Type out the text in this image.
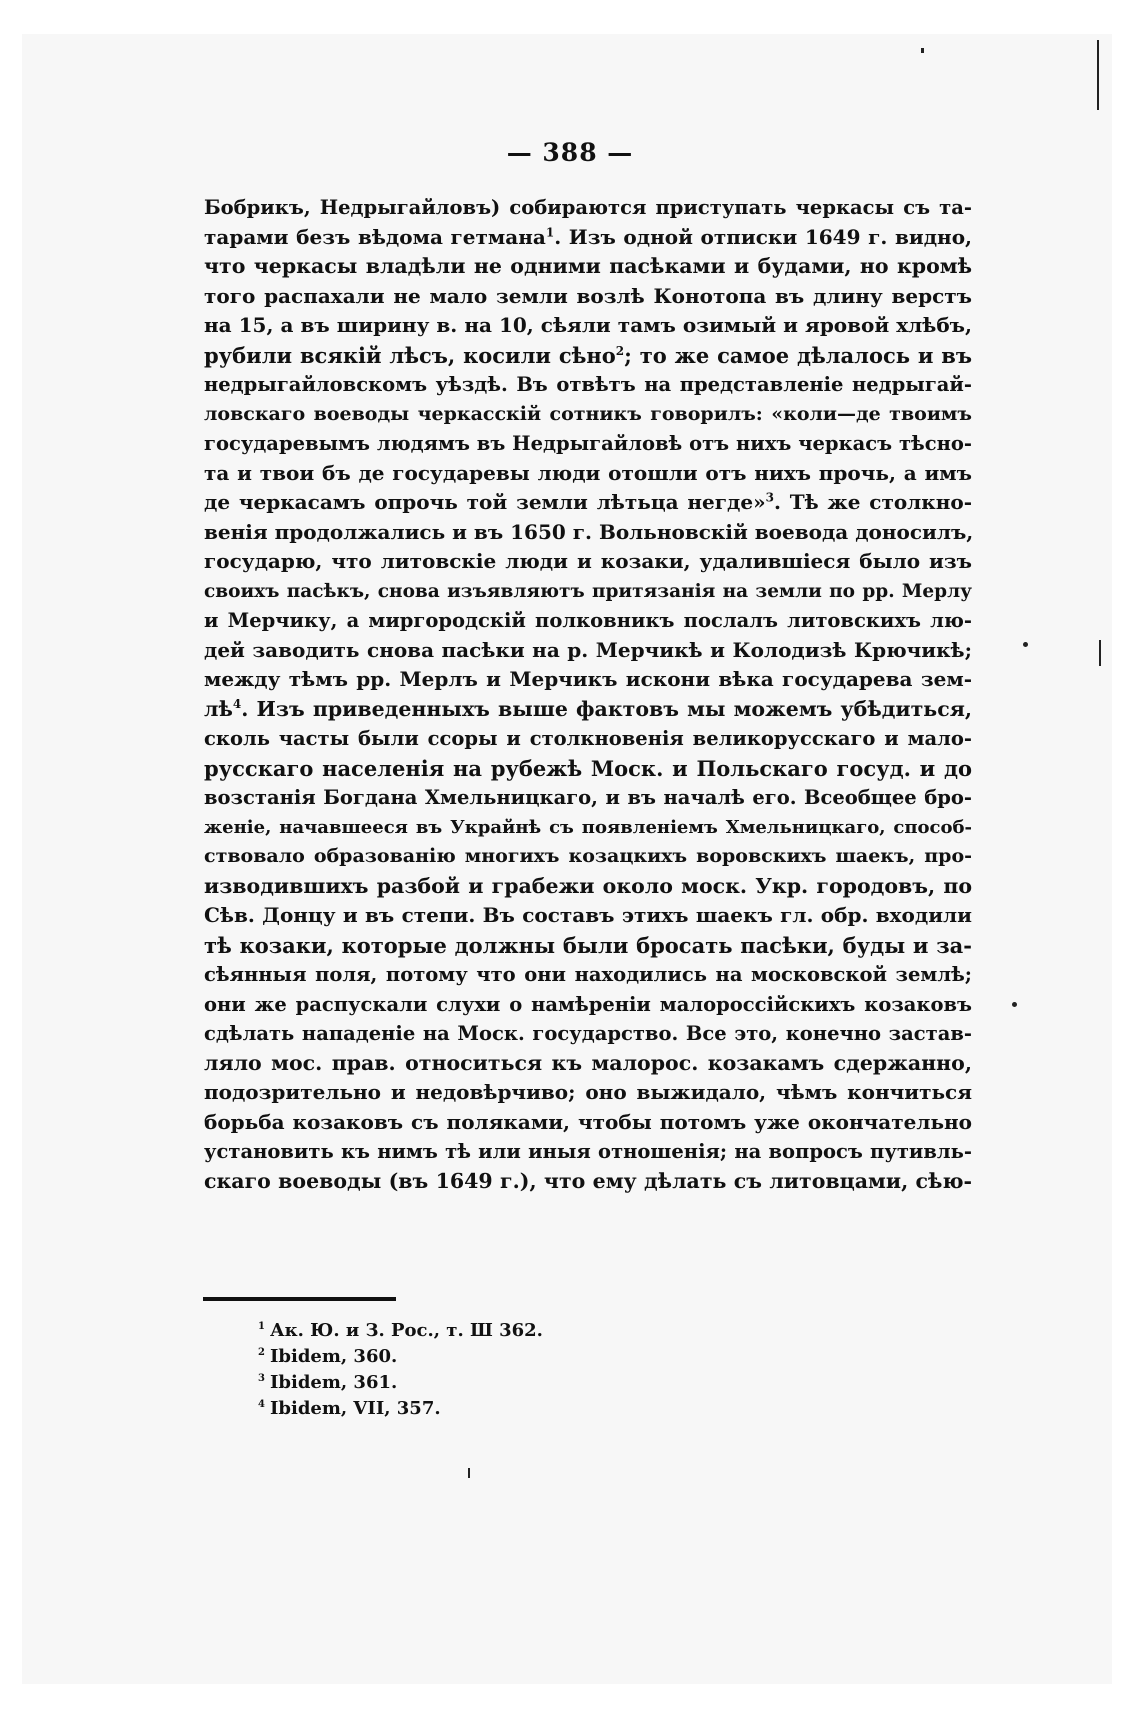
— 388 —
Бобрикъ, Недрыгайловъ) собираются приступать черкасы съ та-
тарами безъ вѣдома гетмана$^1$. Изъ одной отписки 1649 г. видно,
что черкасы владѣли не одними пасѣками и будами, но кромѣ
того распахали не мало земли возлѣ Конотопа въ длину верстъ
на 15, а въ ширину в. на 10, сѣяли тамъ озимый и яровой хлѣбъ,
рубили всякій лѣсъ, косили сѣно$^2$; то же самое дѣлалось и въ
недрыгайловскомъ уѣздѣ. Въ отвѣтъ на представленіе недрыгай-
ловскаго воеводы черкасскій сотникъ говорилъ: «коли—де твоимъ
государевымъ людямъ въ Недрыгайловѣ отъ нихъ черкасъ тѣсно-
та и твои бъ де государевы люди отошли отъ нихъ прочь, а имъ
де черкасамъ опрочь той земли лѣтьца негде»$^3$. Тѣ же столкно-
венія продолжались и въ 1650 г. Вольновскій воевода доносилъ,
государю, что литовскіе люди и козаки, удалившіеся было изъ
своихъ пасѣкъ, снова изъявляютъ притязанія на земли по рр. Мерлу
и Мерчику, а миргородскій полковникъ послалъ литовскихъ лю-
дей заводить снова пасѣки на р. Мерчикѣ и Колодизѣ Крючикѣ;
между тѣмъ рр. Мерлъ и Мерчикъ искони вѣка государева зем-
$лѣ^4$. Изъ приведенныхъ выше фактовъ мы можемъ убѣдиться,
сколь часты были ссоры и столкновенія великорусскаго и мало-
русскаго населенія на рубежѣ Моск. и Польскаго госуд. и до
возстанія Богдана Хмельницкаго, и въ началѣ его. Всеобщее бро-
женіе, начавшееся въ Украйнѣ съ появленіемъ Хмельницкаго, способ-
ствовало образованію многихъ козацкихъ воровскихъ шаекъ, про-
изводившихъ разбой и грабежи около моск. Укр. городовъ, по
Сѣв. Донцу и въ степи. Въ составъ этихъ шаекъ гл. обр. входили
тѣ козаки, которые должны были бросать пасѣки, буды и за-
сѣянныя поля, потому что они находились на московской землѣ;
они же распускали слухи о намѣреніи малороссійскихъ козаковъ
сдѣлать нападеніе на Моск. государство. Все это, конечно застав-
ляло мос. прав. относиться къ малорос. козакамъ сдержанно,
подозрительно и недовѣрчиво; оно выжидало, чѣмъ кончиться
борьба козаковъ съ поляками, чтобы потомъ уже окончательно
установить къ нимъ тѣ или иныя отношенія; на вопросъ путивль-
скаго воеводы (въ 1649 г.), что ему дѣлать съ литовцами, сѣю-
$^1$ Ак. Ю. и З. Рос., т. Ш 362.
$^2$ Ibidem, 360.
$^3$ Ibidem, 361.
$^4$ Ibidem, VII, 357.
